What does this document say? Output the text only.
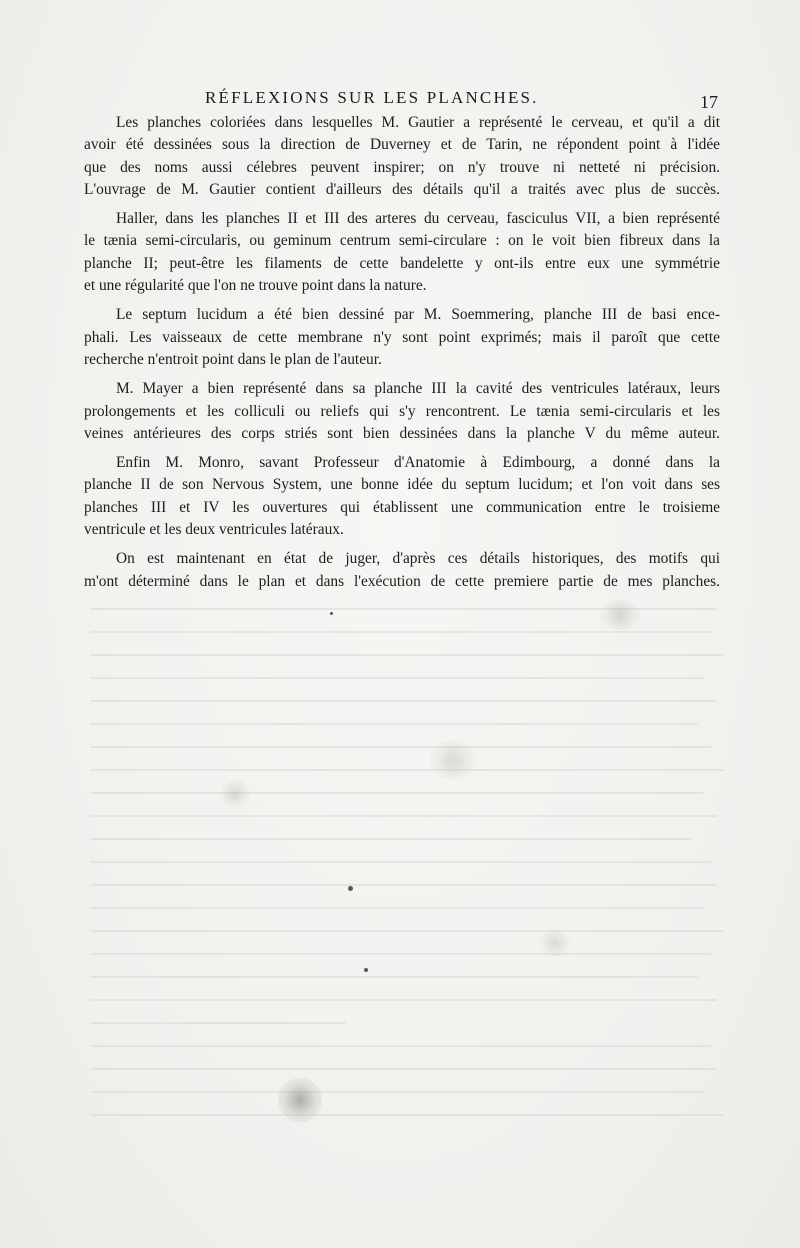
RÉFLEXIONS SUR LES PLANCHES.	17

Les planches coloriées dans lesquelles M. Gautier a représenté le cerveau, et qu'il a dit
avoir été dessinées sous la direction de Duverney et de Tarin, ne répondent point à l'idée
que des noms aussi célebres peuvent inspirer; on n'y trouve ni netteté ni précision.
L'ouvrage de M. Gautier contient d'ailleurs des détails qu'il a traités avec plus de succès.

Haller, dans les planches II et III des arteres du cerveau, fasciculus VII, a bien représenté
le tænia semi-circularis, ou geminum centrum semi-circulare : on le voit bien fibreux dans la
planche II; peut-être les filaments de cette bandelette y ont-ils entre eux une symmétrie
et une régularité que l'on ne trouve point dans la nature.

Le septum lucidum a été bien dessiné par M. Soemmering, planche III de basi ence-
phali. Les vaisseaux de cette membrane n'y sont point exprimés; mais il paroît que cette
recherche n'entroit point dans le plan de l'auteur.

M. Mayer a bien représenté dans sa planche III la cavité des ventricules latéraux, leurs
prolongements et les colliculi ou reliefs qui s'y rencontrent. Le tænia semi-circularis et les
veines antérieures des corps striés sont bien dessinées dans la planche V du même auteur.

Enfin M. Monro, savant Professeur d'Anatomie à Edimbourg, a donné dans la
planche II de son Nervous System, une bonne idée du septum lucidum; et l'on voit dans ses
planches III et IV les ouvertures qui établissent une communication entre le troisieme
ventricule et les deux ventricules latéraux.

On est maintenant en état de juger, d'après ces détails historiques, des motifs qui
m'ont déterminé dans le plan et dans l'exécution de cette premiere partie de mes planches.
